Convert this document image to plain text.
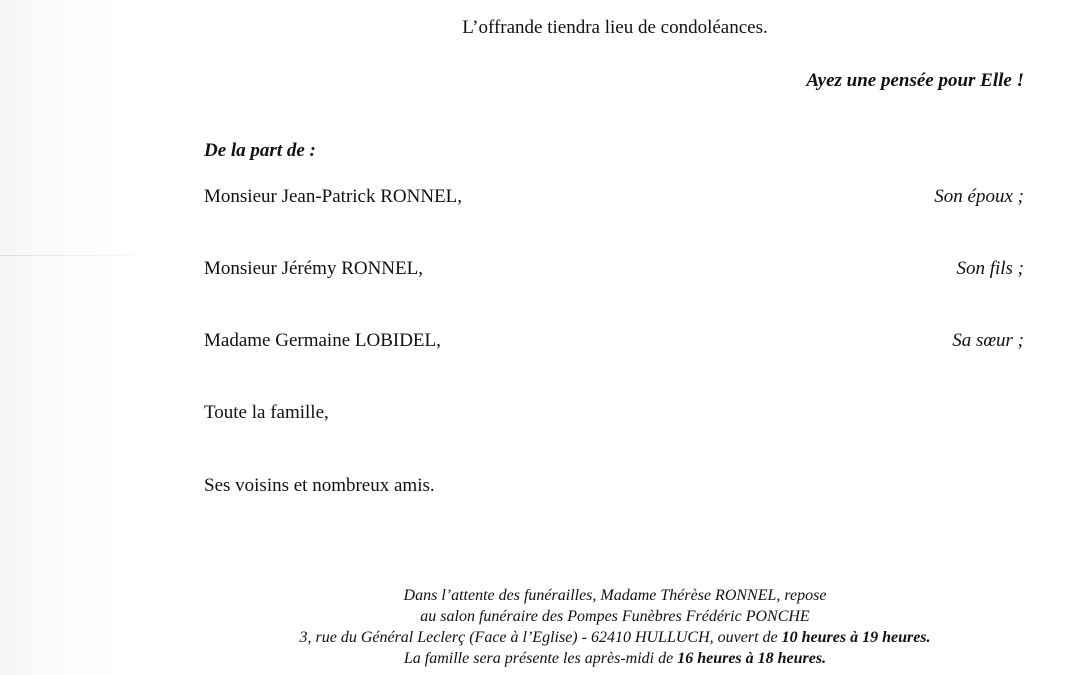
L’offrande tiendra lieu de condoléances.
Ayez une pensée pour Elle !
De la part de :
Monsieur Jean-Patrick RONNEL,	Son époux ;
Monsieur Jérémy RONNEL,	Son fils ;
Madame Germaine LOBIDEL,	Sa sœur ;
Toute la famille,
Ses voisins et nombreux amis.
Dans l’attente des funérailles, Madame Thérèse RONNEL, repose
au salon funéraire des Pompes Funèbres Frédéric PONCHE
3, rue du Général Leclerç (Face à l’Eglise) - 62410 HULLUCH, ouvert de 10 heures à 19 heures.
La famille sera présente les après-midi de 16 heures à 18 heures.
